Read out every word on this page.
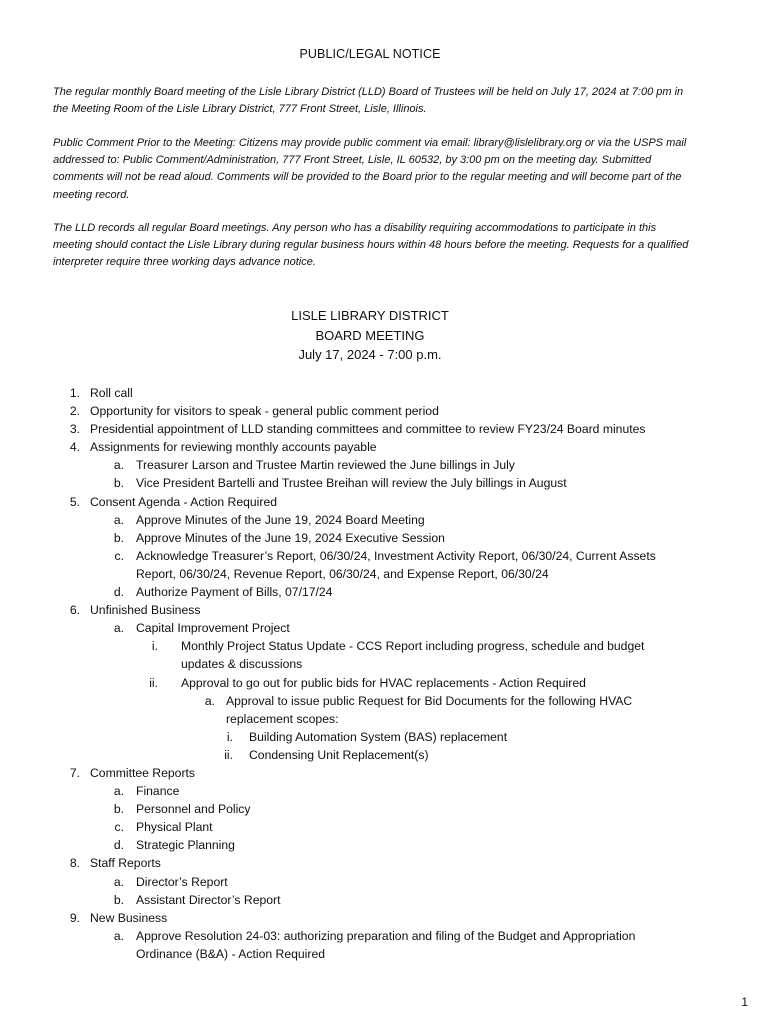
PUBLIC/LEGAL NOTICE

The regular monthly Board meeting of the Lisle Library District (LLD) Board of Trustees will be held on July 17, 2024 at 7:00 pm in the Meeting Room of the Lisle Library District, 777 Front Street, Lisle, Illinois.

Public Comment Prior to the Meeting: Citizens may provide public comment via email: library@lislelibrary.org or via the USPS mail addressed to: Public Comment/Administration, 777 Front Street, Lisle, IL 60532, by 3:00 pm on the meeting day. Submitted comments will not be read aloud. Comments will be provided to the Board prior to the regular meeting and will become part of the meeting record.

The LLD records all regular Board meetings. Any person who has a disability requiring accommodations to participate in this meeting should contact the Lisle Library during regular business hours within 48 hours before the meeting. Requests for a qualified interpreter require three working days advance notice.

LISLE LIBRARY DISTRICT
BOARD MEETING
July 17, 2024 - 7:00 p.m.
1. Roll call
2. Opportunity for visitors to speak - general public comment period
3. Presidential appointment of LLD standing committees and committee to review FY23/24 Board minutes
4. Assignments for reviewing monthly accounts payable
a. Treasurer Larson and Trustee Martin reviewed the June billings in July
b. Vice President Bartelli and Trustee Breihan will review the July billings in August
5. Consent Agenda - Action Required
a. Approve Minutes of the June 19, 2024 Board Meeting
b. Approve Minutes of the June 19, 2024 Executive Session
c. Acknowledge Treasurer’s Report, 06/30/24, Investment Activity Report, 06/30/24, Current Assets Report, 06/30/24, Revenue Report, 06/30/24, and Expense Report, 06/30/24
d. Authorize Payment of Bills, 07/17/24
6. Unfinished Business
a. Capital Improvement Project
i. Monthly Project Status Update - CCS Report including progress, schedule and budget updates & discussions
ii. Approval to go out for public bids for HVAC replacements - Action Required
a. Approval to issue public Request for Bid Documents for the following HVAC replacement scopes:
i. Building Automation System (BAS) replacement
ii. Condensing Unit Replacement(s)
7. Committee Reports
a. Finance
b. Personnel and Policy
c. Physical Plant
d. Strategic Planning
8. Staff Reports
a. Director’s Report
b. Assistant Director’s Report
9. New Business
a. Approve Resolution 24-03: authorizing preparation and filing of the Budget and Appropriation Ordinance (B&A) - Action Required
1
